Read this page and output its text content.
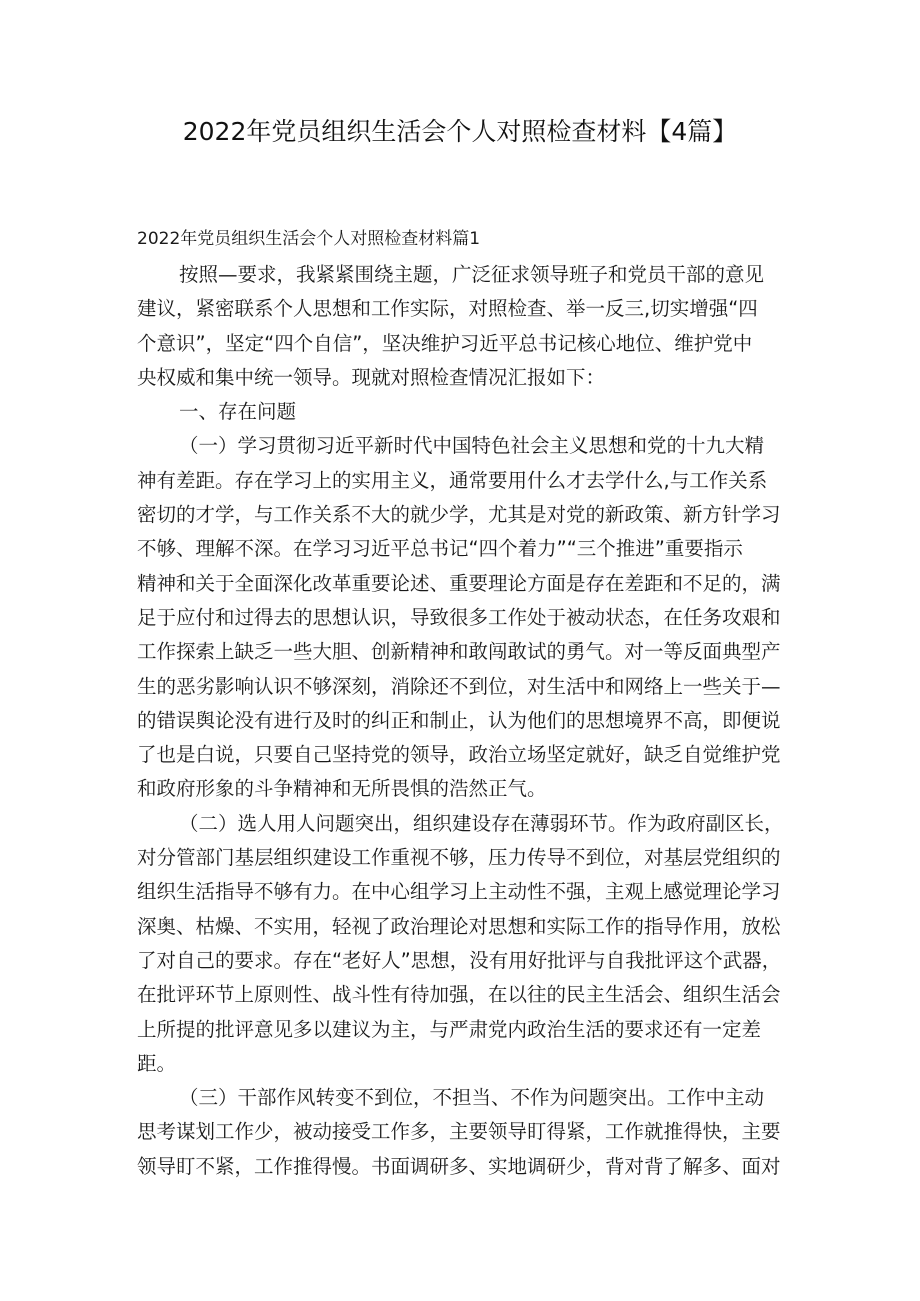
2022年党员组织生活会个人对照检查材料【4篇】
2022年党员组织生活会个人对照检查材料篇1
按照—要求，我紧紧围绕主题，广泛征求领导班子和党员干部的意见
建议，紧密联系个人思想和工作实际，对照检查、举一反三,切实增强“四
个意识”，坚定“四个自信”，坚决维护习近平总书记核心地位、维护党中
央权威和集中统一领导。现就对照检查情况汇报如下：
一、存在问题
（一）学习贯彻习近平新时代中国特色社会主义思想和党的十九大精
神有差距。存在学习上的实用主义，通常要用什么才去学什么,与工作关系
密切的才学，与工作关系不大的就少学，尤其是对党的新政策、新方针学习
不够、理解不深。在学习习近平总书记“四个着力”“三个推进”重要指示
精神和关于全面深化改革重要论述、重要理论方面是存在差距和不足的，满
足于应付和过得去的思想认识，导致很多工作处于被动状态，在任务攻艰和
工作探索上缺乏一些大胆、创新精神和敢闯敢试的勇气。对一等反面典型产
生的恶劣影响认识不够深刻，消除还不到位，对生活中和网络上一些关于—
的错误舆论没有进行及时的纠正和制止，认为他们的思想境界不高，即便说
了也是白说，只要自己坚持党的领导，政治立场坚定就好，缺乏自觉维护党
和政府形象的斗争精神和无所畏惧的浩然正气。
（二）选人用人问题突出，组织建设存在薄弱环节。作为政府副区长，
对分管部门基层组织建设工作重视不够，压力传导不到位，对基层党组织的
组织生活指导不够有力。在中心组学习上主动性不强，主观上感觉理论学习
深奥、枯燥、不实用，轻视了政治理论对思想和实际工作的指导作用，放松
了对自己的要求。存在“老好人”思想，没有用好批评与自我批评这个武器，
在批评环节上原则性、战斗性有待加强，在以往的民主生活会、组织生活会
上所提的批评意见多以建议为主，与严肃党内政治生活的要求还有一定差
距。
（三）干部作风转变不到位，不担当、不作为问题突出。工作中主动
思考谋划工作少，被动接受工作多，主要领导盯得紧，工作就推得快，主要
领导盯不紧，工作推得慢。书面调研多、实地调研少，背对背了解多、面对
